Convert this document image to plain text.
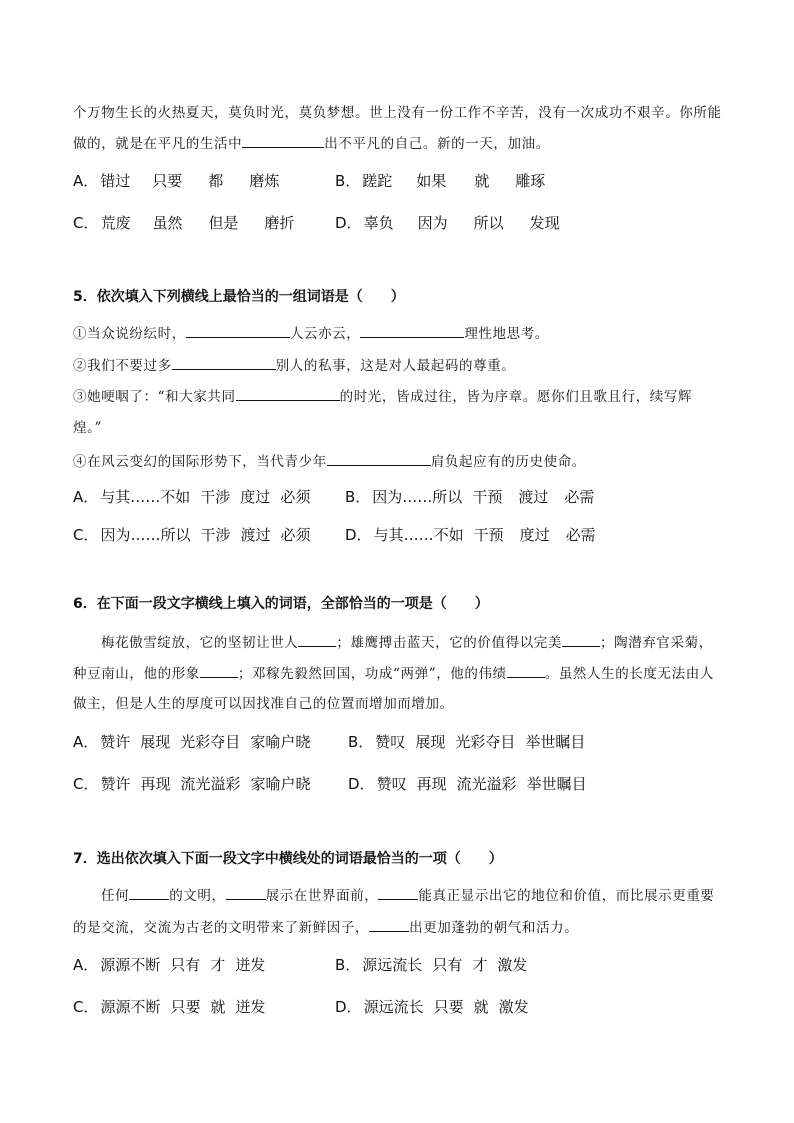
个万物生长的火热夏天，莫负时光，莫负梦想。世上没有一份工作不辛苦，没有一次成功不艰辛。你所能
做的，就是在平凡的生活中	出不平凡的自己。新的一天，加油。
A． 错过 只要 都 磨炼	B． 蹉跎 如果 就 雕琢
C． 荒废 虽然 但是 磨折	D． 辜负 因为 所以 发现
5．依次填入下列横线上最恰当的一组词语是（　　）
①当众说纷纭时，	人云亦云，	理性地思考。
②我们不要过多	别人的私事，这是对人最起码的尊重。
③她哽咽了：“和大家共同	的时光，皆成过往，皆为序章。愿你们且歌且行，续写辉
煌。”
④在风云变幻的国际形势下，当代青少年	肩负起应有的历史使命。
A． 与其……不如 干涉 度过 必须 B． 因为……所以 干预 渡过 必需
C． 因为……所以 干涉 渡过 必须 D． 与其……不如 干预 度过 必需
6．在下面一段文字横线上填入的词语，全部恰当的一项是（　　）
梅花傲雪绽放，它的坚韧让世人	；雄鹰搏击蓝天，它的价值得以完美	；陶潜弃官采菊，
种豆南山，他的形象	；邓稼先毅然回国，功成“两弹”，他的伟绩	。虽然人生的长度无法由人
做主，但是人生的厚度可以因找准自己的位置而增加而增加。
A． 赞许 展现 光彩夺目 家喻户晓	B． 赞叹 展现 光彩夺目 举世瞩目
C． 赞许 再现 流光溢彩 家喻户晓 D． 赞叹 再现 流光溢彩 举世瞩目
7．选出依次填入下面一段文字中横线处的词语最恰当的一项（　　）
任何	的文明，	展示在世界面前，	能真正显示出它的地位和价值，而比展示更重要
的是交流，交流为古老的文明带来了新鲜因子，	出更加蓬勃的朝气和活力。
A． 源源不断 只有 才 迸发	B． 源远流长 只有 才 激发
C． 源源不断 只要 就 迸发	D． 源远流长 只要 就 激发
